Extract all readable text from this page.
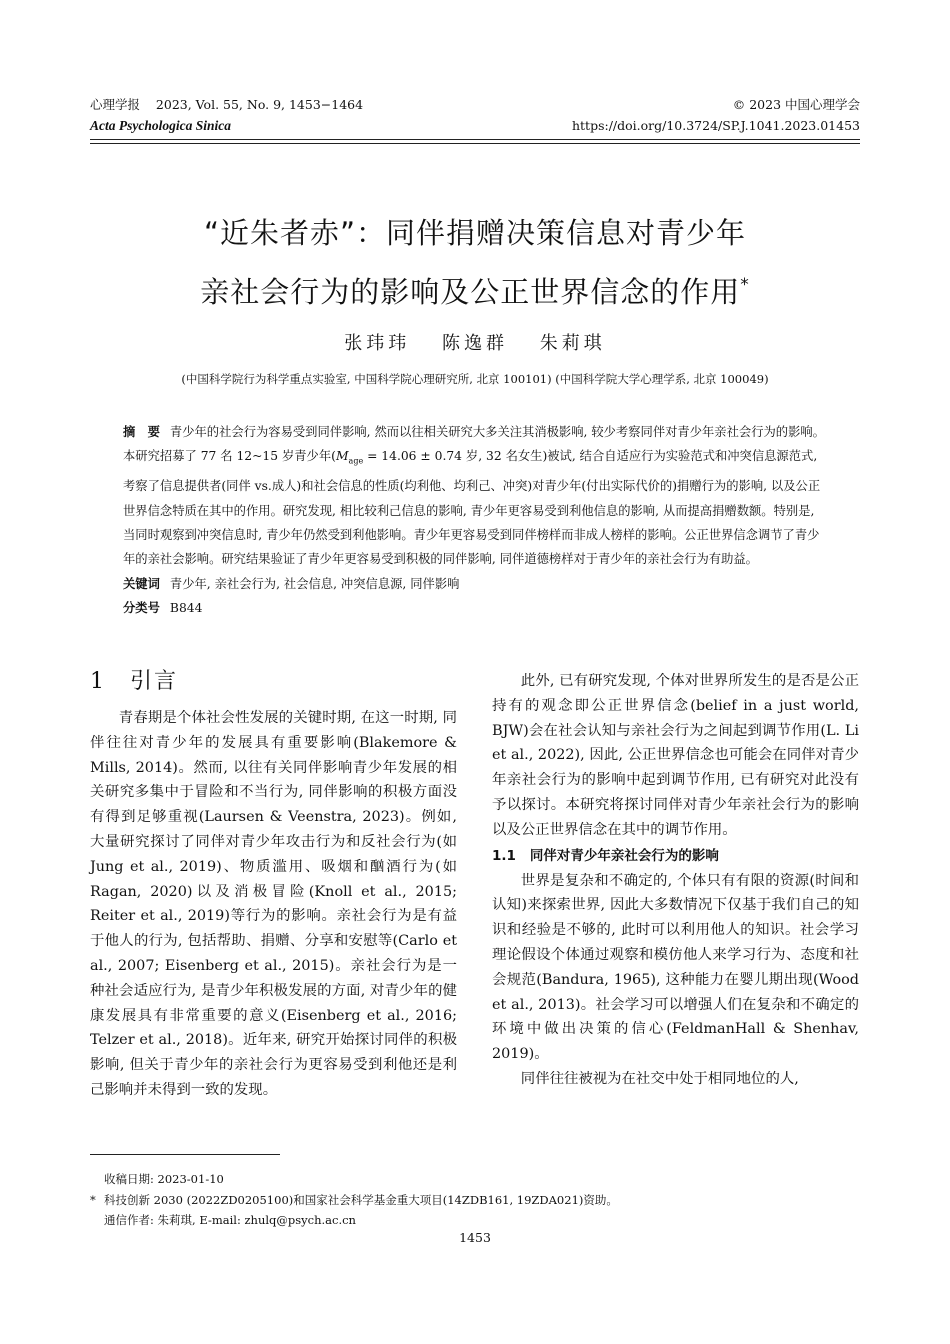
心理学报 2023, Vol. 55, No. 9, 1453−1464
Acta Psychologica Sinica
© 2023 中国心理学会
https://doi.org/10.3724/SP.J.1041.2023.01453
“近朱者赤”：同伴捐赠决策信息对青少年
亲社会行为的影响及公正世界信念的作用*
张玮玮　 陈逸群　 朱莉琪
(中国科学院行为科学重点实验室, 中国科学院心理研究所, 北京 100101) (中国科学院大学心理学系, 北京 100049)

摘　要 青少年的社会行为容易受到同伴影响, 然而以往相关研究大多关注其消极影响, 较少考察同伴对青少年亲社会行为的影响。本研究招募了 77 名 12~15 岁青少年($M_{age} = 14.06 \pm 0.74$ 岁, 32 名女生)被试, 结合自适应行为实验范式和冲突信息源范式, 考察了信息提供者(同伴 vs.成人)和社会信息的性质(均利他、均利己、冲突)对青少年(付出实际代价的)捐赠行为的影响, 以及公正世界信念特质在其中的作用。研究发现, 相比较利己信息的影响, 青少年更容易受到利他信息的影响, 从而提高捐赠数额。特别是, 当同时观察到冲突信息时, 青少年仍然受到利他影响。青少年更容易受到同伴榜样而非成人榜样的影响。公正世界信念调节了青少年的亲社会影响。研究结果验证了青少年更容易受到积极的同伴影响, 同伴道德榜样对于青少年的亲社会行为有助益。

关键词 青少年, 亲社会行为, 社会信息, 冲突信息源, 同伴影响

分类号 B844

1 引言

青春期是个体社会性发展的关键时期, 在这一时期, 同伴往往对青少年的发展具有重要影响(Blakemore & Mills, 2014)。然而, 以往有关同伴影响青少年发展的相关研究多集中于冒险和不当行为, 同伴影响的积极方面没有得到足够重视(Laursen & Veenstra, 2023)。例如, 大量研究探讨了同伴对青少年攻击行为和反社会行为(如 Jung et al., 2019)、物质滥用、吸烟和酗酒行为(如 Ragan, 2020)以及消极冒险(Knoll et al., 2015; Reiter et al., 2019)等行为的影响。亲社会行为是有益于他人的行为, 包括帮助、捐赠、分享和安慰等(Carlo et al., 2007; Eisenberg et al., 2015)。亲社会行为是一种社会适应行为, 是青少年积极发展的方面, 对青少年的健康发展具有非常重要的意义(Eisenberg et al., 2016; Telzer et al., 2018)。近年来, 研究开始探讨同伴的积极影响, 但关于青少年的亲社会行为更容易受到利他还是利己影响并未得到一致的发现。

此外, 已有研究发现, 个体对世界所发生的是否是公正持有的观念即公正世界信念(belief in a just world, BJW)会在社会认知与亲社会行为之间起到调节作用(L. Li et al., 2022), 因此, 公正世界信念也可能会在同伴对青少年亲社会行为的影响中起到调节作用, 已有研究对此没有予以探讨。本研究将探讨同伴对青少年亲社会行为的影响以及公正世界信念在其中的调节作用。

1.1 同伴对青少年亲社会行为的影响

世界是复杂和不确定的, 个体只有有限的资源(时间和认知)来探索世界, 因此大多数情况下仅基于我们自己的知识和经验是不够的, 此时可以利用他人的知识。社会学习理论假设个体通过观察和模仿他人来学习行为、态度和社会规范(Bandura, 1965), 这种能力在婴儿期出现(Wood et al., 2013)。社会学习可以增强人们在复杂和不确定的环境中做出决策的信心(FeldmanHall & Shenhav, 2019)。

同伴往往被视为在社交中处于相同地位的人,

收稿日期: 2023-01-10
* 科技创新 2030 (2022ZD0205100)和国家社会科学基金重大项目(14ZDB161, 19ZDA021)资助。
通信作者: 朱莉琪, E-mail: zhulq@psych.ac.cn
1453
